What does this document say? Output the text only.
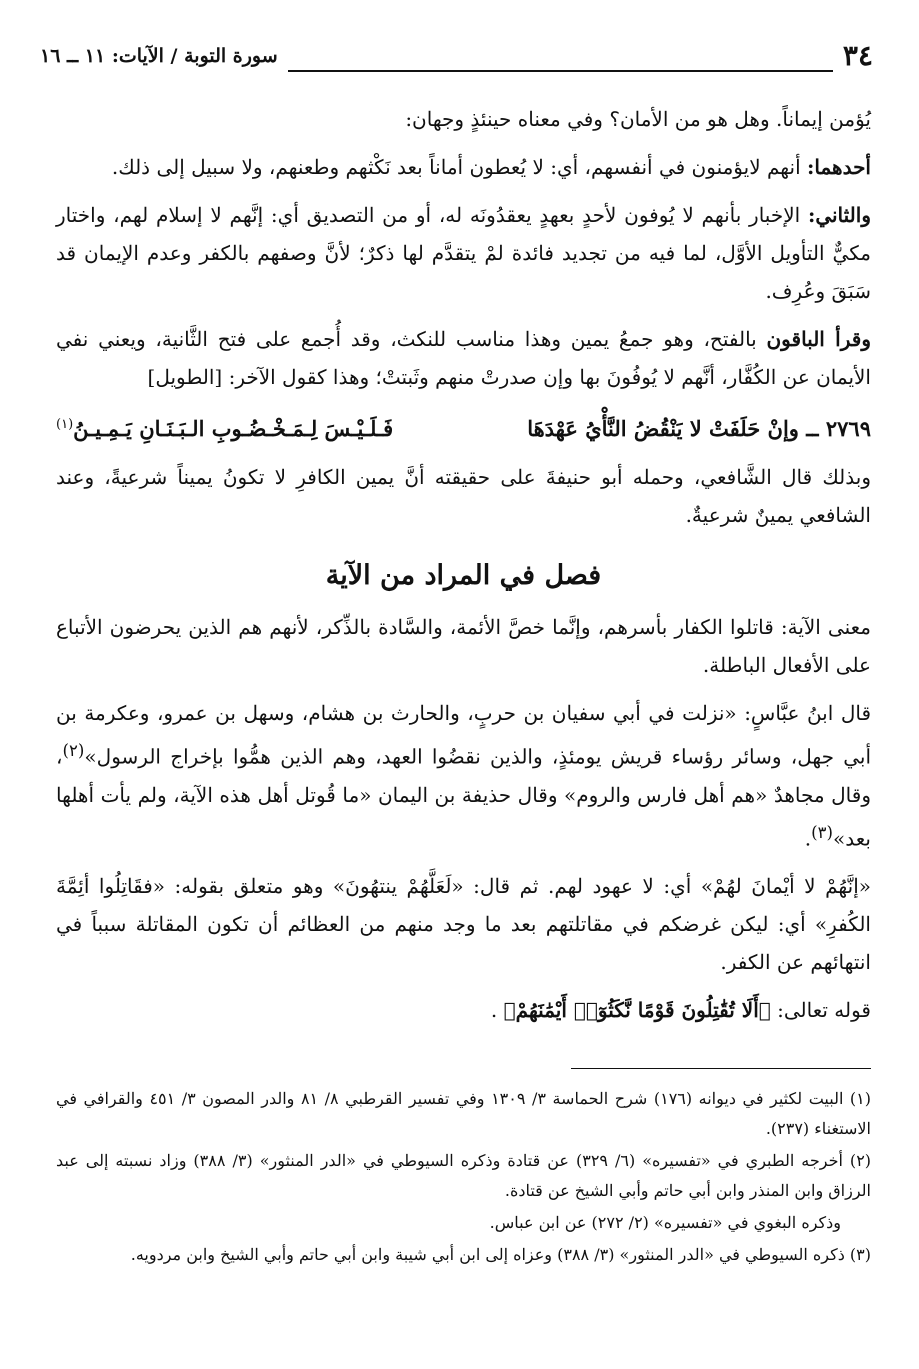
٣٤
سورة التوبة / الآيات: ١١ ــ ١٦

يُؤمن إيماناً. وهل هو من الأمان؟ وفي معناه حينئذٍ وجهان:

أحدهما: أنهم لايؤمنون في أنفسهم، أي: لا يُعطون أماناً بعد نَكْثهم وطعنهم، ولا سبيل إلى ذلك.

والثاني: الإخبار بأنهم لا يُوفون لأحدٍ بعهدٍ يعقدُونَه له، أو من التصديق أي: إنَّهم لا إسلام لهم، واختار مكيٌّ التأويل الأوَّل، لما فيه من تجديد فائدة لمْ يتقدَّم لها ذكرٌ؛ لأنَّ وصفهم بالكفر وعدم الإيمان قد سَبَقَ وعُرِف.

وقرأ الباقون بالفتح، وهو جمعُ يمين وهذا مناسب للنكث، وقد أُجمع على فتح الثَّانية، ويعني نفي الأيمان عن الكُفَّار، أنَّهم لا يُوفُونَ بها وإن صدرتْ منهم وثَبتتْ؛ وهذا كقول الآخر: [الطويل]

٢٧٦٩ ــ وإنْ حَلَفَتْ لا يَنْقُضُ النَّأْيُ عَهْدَهَا
فَـلَـيْـسَ لِـمَـخْـضُـوبِ الـبَـنَـانِ يَـمِـيـنُ$^{(١)}$

وبذلك قال الشَّافعي، وحمله أبو حنيفةَ على حقيقته أنَّ يمين الكافرِ لا تكونُ يميناً شرعيةً، وعند الشافعي يمينٌ شرعيةٌ.

فصل في المراد من الآية

معنى الآية: قاتلوا الكفار بأسرهم، وإنَّما خصَّ الأئمة، والسَّادة بالذِّكر، لأنهم هم الذين يحرضون الأتباع على الأفعال الباطلة.

قال ابنُ عبَّاسٍ: «نزلت في أبي سفيان بن حربٍ، والحارث بن هشام، وسهل بن عمرو، وعكرمة بن أبي جهل، وسائر رؤساء قريش يومئذٍ، والذين نقضُوا العهد، وهم الذين همُّوا بإخراج الرسول»$^{(٢)}$، وقال مجاهدٌ «هم أهل فارس والروم» وقال حذيفة بن اليمان «ما قُوتل أهل هذه الآية، ولم يأت أهلها بعد»$^{(٣)}$.

«إنَّهُمْ لا أيْمانَ لهُمْ» أي: لا عهود لهم. ثم قال: «لَعَلَّهُمْ ينتهُونَ» وهو متعلق بقوله: «فقَاتِلُوا أئِمَّةَ الكُفرِ» أي: ليكن غرضكم في مقاتلتهم بعد ما وجد منهم من العظائم أن تكون المقاتلة سبباً في انتهائهم عن الكفر.

قوله تعالى: ﴿أَلَا تُقَٰتِلُونَ قَوْمًا نَّكَثُوٓا۟ أَيْمَٰنَهُمْ﴾ .

(١) البيت لكثير في ديوانه (١٧٦) شرح الحماسة ٣/ ١٣٠٩ وفي تفسير القرطبي ٨/ ٨١ والدر المصون ٣/ ٤٥١ والقرافي في الاستغناء (٢٣٧).

(٢) أخرجه الطبري في «تفسيره» (٦/ ٣٢٩) عن قتادة وذكره السيوطي في «الدر المنثور» (٣/ ٣٨٨) وزاد نسبته إلى عبد الرزاق وابن المنذر وابن أبي حاتم وأبي الشيخ عن قتادة.

وذكره البغوي في «تفسيره» (٢/ ٢٧٢) عن ابن عباس.

(٣) ذكره السيوطي في «الدر المنثور» (٣/ ٣٨٨) وعزاه إلى ابن أبي شيبة وابن أبي حاتم وأبي الشيخ وابن مردويه.
